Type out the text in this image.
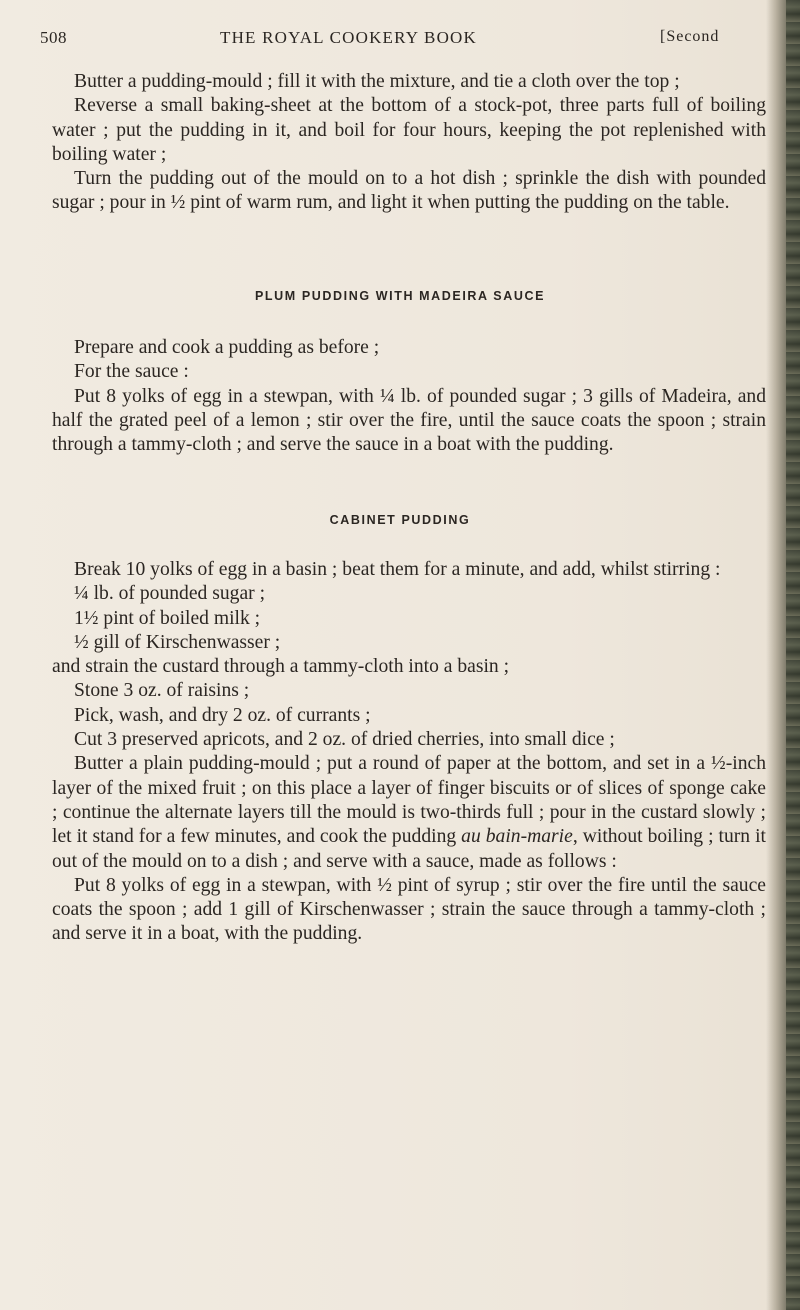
508	THE ROYAL COOKERY BOOK	[Second

Butter a pudding-mould ; fill it with the mixture, and tie a cloth over the top ;

Reverse a small baking-sheet at the bottom of a stock-pot, three parts full of boiling water ; put the pudding in it, and boil for four hours, keeping the pot replenished with boiling water ;

Turn the pudding out of the mould on to a hot dish ; sprinkle the dish with pounded sugar ; pour in ½ pint of warm rum, and light it when putting the pudding on the table.

PLUM PUDDING WITH MADEIRA SAUCE

Prepare and cook a pudding as before ;

For the sauce :

Put 8 yolks of egg in a stewpan, with ¼ lb. of pounded sugar ; 3 gills of Madeira, and half the grated peel of a lemon ; stir over the fire, until the sauce coats the spoon ; strain through a tammy-cloth ; and serve the sauce in a boat with the pudding.

CABINET PUDDING

Break 10 yolks of egg in a basin ; beat them for a minute, and add, whilst stirring :

¼ lb. of pounded sugar ;

1½ pint of boiled milk ;

½ gill of Kirschenwasser ;

and strain the custard through a tammy-cloth into a basin ;

Stone 3 oz. of raisins ;

Pick, wash, and dry 2 oz. of currants ;

Cut 3 preserved apricots, and 2 oz. of dried cherries, into small dice ;

Butter a plain pudding-mould ; put a round of paper at the bottom, and set in a ½-inch layer of the mixed fruit ; on this place a layer of finger biscuits or of slices of sponge cake ; continue the alternate layers till the mould is two-thirds full ; pour in the custard slowly ; let it stand for a few minutes, and cook the pudding au bain-marie, without boiling ; turn it out of the mould on to a dish ; and serve with a sauce, made as follows :

Put 8 yolks of egg in a stewpan, with ½ pint of syrup ; stir over the fire until the sauce coats the spoon ; add 1 gill of Kirschenwasser ; strain the sauce through a tammy-cloth ; and serve it in a boat, with the pudding.
